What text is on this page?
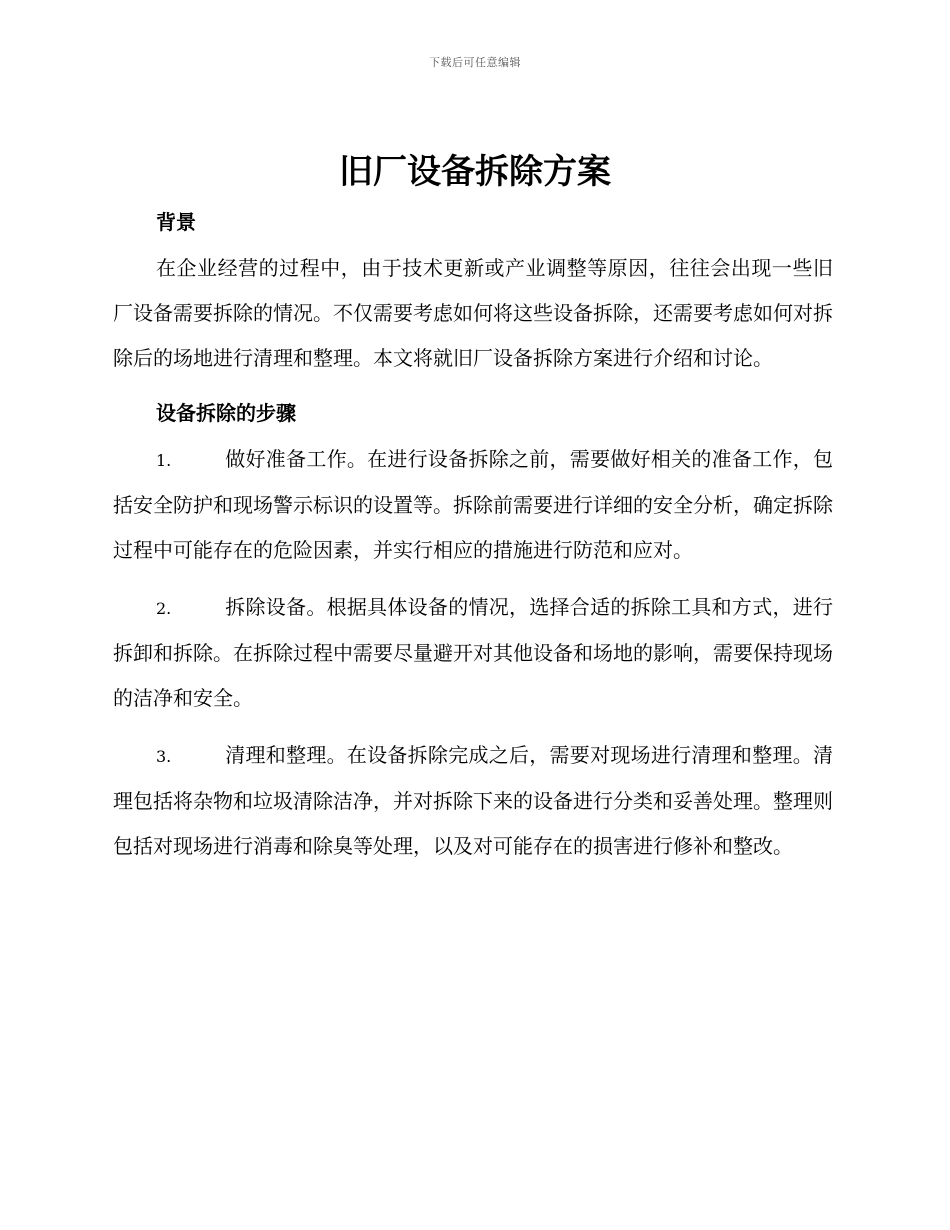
下载后可任意编辑
旧厂设备拆除方案
背景

在企业经营的过程中，由于技术更新或产业调整等原因，往往会出现一些旧厂设备需要拆除的情况。不仅需要考虑如何将这些设备拆除，还需要考虑如何对拆除后的场地进行清理和整理。本文将就旧厂设备拆除方案进行介绍和讨论。

设备拆除的步骤
1.	做好准备工作。在进行设备拆除之前，需要做好相关的准备工作，包括安全防护和现场警示标识的设置等。拆除前需要进行详细的安全分析，确定拆除过程中可能存在的危险因素，并实行相应的措施进行防范和应对。
2.	拆除设备。根据具体设备的情况，选择合适的拆除工具和方式，进行拆卸和拆除。在拆除过程中需要尽量避开对其他设备和场地的影响，需要保持现场的洁净和安全。
3.	清理和整理。在设备拆除完成之后，需要对现场进行清理和整理。清理包括将杂物和垃圾清除洁净，并对拆除下来的设备进行分类和妥善处理。整理则包括对现场进行消毒和除臭等处理，以及对可能存在的损害进行修补和整改。
